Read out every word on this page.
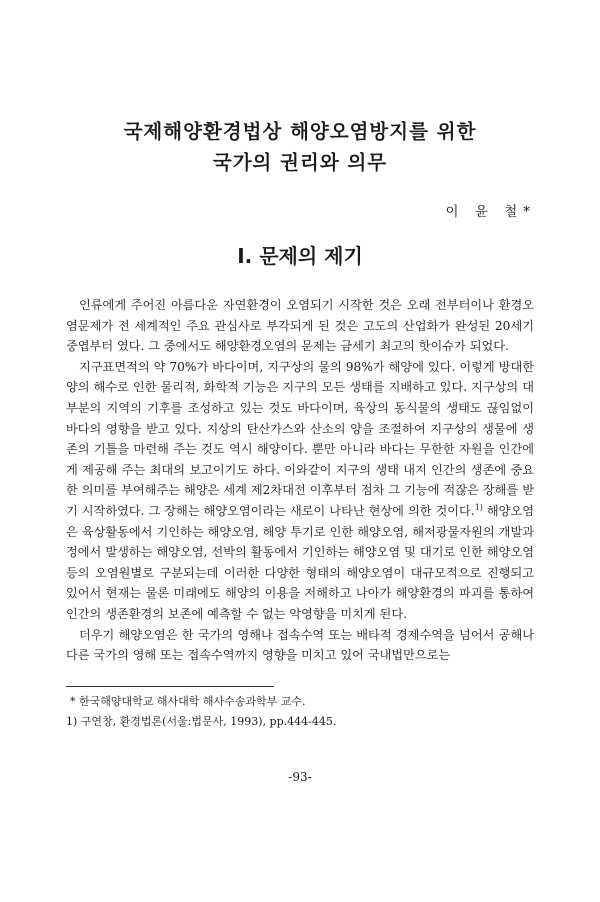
국제해양환경법상 해양오염방지를 위한
국가의 권리와 의무
이 윤 철*
Ⅰ. 문제의 제기

인류에게 주어진 아름다운 자연환경이 오염되기 시작한 것은 오래 전부터이나 환경오염문제가 전 세계적인 주요 관심사로 부각되게 된 것은 고도의 산업화가 완성된 20세기 중엽부터 였다. 그 중에서도 해양환경오염의 문제는 금세기 최고의 핫이슈가 되었다.

지구표면적의 약 70%가 바다이며, 지구상의 물의 98%가 해양에 있다. 이렇게 방대한 양의 해수로 인한 물리적, 화학적 기능은 지구의 모든 생태를 지배하고 있다. 지구상의 대부분의 지역의 기후를 조성하고 있는 것도 바다이며, 육상의 동식물의 생태도 끊임없이 바다의 영향을 받고 있다. 지상의 탄산가스와 산소의 양을 조절하여 지구상의 생물에 생존의 기틀을 마련해 주는 것도 역시 해양이다. 뿐만 아니라 바다는 무한한 자원을 인간에게 제공해 주는 최대의 보고이기도 하다. 이와같이 지구의 생태 내지 인간의 생존에 중요한 의미를 부여해주는 해양은 세계 제2차대전 이후부터 점차 그 기능에 적잖은 장해를 받기 시작하였다. 그 장해는 해양오염이라는 새로이 나타난 현상에 의한 것이다.$^{1)}$ 해양오염은 육상활동에서 기인하는 해양오염, 해양 투기로 인한 해양오염, 해저광물자원의 개발과정에서 발생하는 해양오염, 선박의 활동에서 기인하는 해양오염 및 대기로 인한 해양오염등의 오염원별로 구분되는데 이러한 다양한 형태의 해양오염이 대규모적으로 진행되고 있어서 현재는 물론 미래에도 해양의 이용을 저해하고 나아가 해양환경의 파괴를 통하여 인간의 생존환경의 보존에 예측할 수 없는 악영향을 미치게 된다.

더우기 해양오염은 한 국가의 영해나 접속수역 또는 배타적 경제수역을 넘어서 공해나 다른 국가의 영해 또는 접속수역까지 영향을 미치고 있어 국내법만으로는

* 한국해양대학교 해사대학 해사수송과학부 교수.
1) 구연창, 환경법론(서울:법문사, 1993), pp.444-445.
-93-
